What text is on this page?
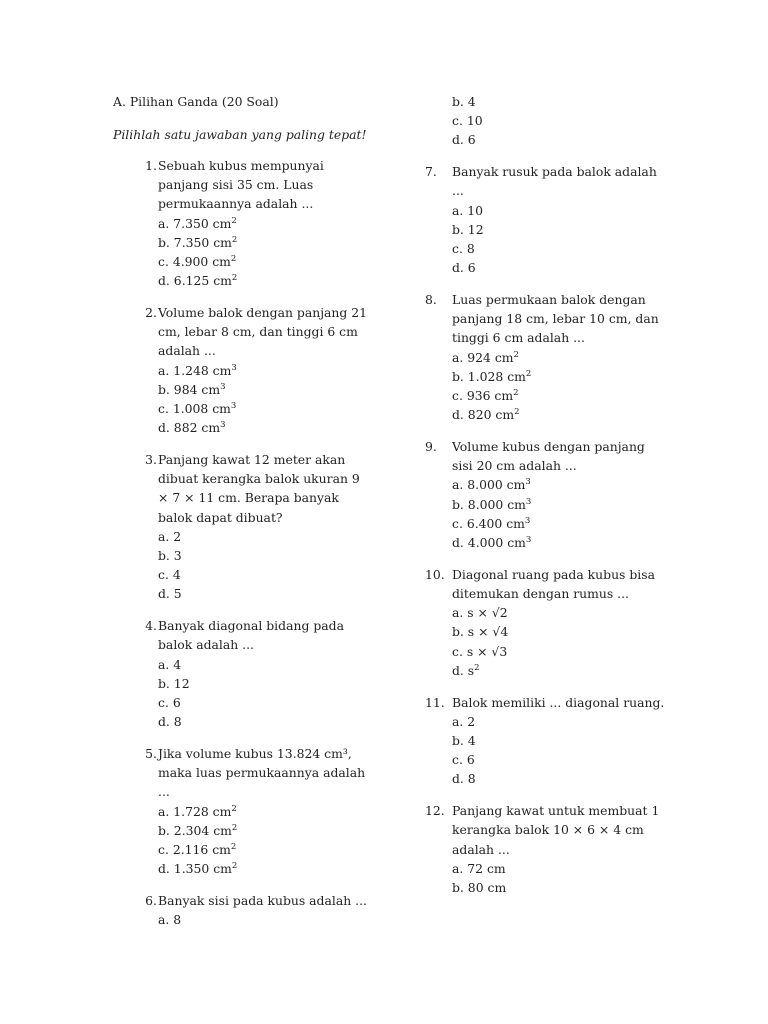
A. Pilihan Ganda (20 Soal)
Pilihlah satu jawaban yang paling tepat!
1. Sebuah kubus mempunyai panjang sisi 35 cm. Luas permukaannya adalah ...
a. 7.350 $cm^2$
b. 7.350 $cm^2$
c. 4.900 $cm^2$
d. 6.125 $cm^2$
2. Volume balok dengan panjang 21 cm, lebar 8 cm, dan tinggi 6 cm adalah ...
a. 1.248 $cm^3$
b. 984 $cm^3$
c. 1.008 $cm^3$
d. 882 $cm^3$
3. Panjang kawat 12 meter akan dibuat kerangka balok ukuran 9 × 7 × 11 cm. Berapa banyak balok dapat dibuat?
a. 2
b. 3
c. 4
d. 5
4. Banyak diagonal bidang pada balok adalah ...
a. 4
b. 12
c. 6
d. 8
5. Jika volume kubus 13.824 cm³, maka luas permukaannya adalah ...
a. 1.728 $cm^2$
b. 2.304 $cm^2$
c. 2.116 $cm^2$
d. 1.350 $cm^2$
6. Banyak sisi pada kubus adalah ...
a. 8
b. 4
c. 10
d. 6
7.	Banyak rusuk pada balok adalah ...
a. 10
b. 12
c. 8
d. 6
8.	Luas permukaan balok dengan panjang 18 cm, lebar 10 cm, dan tinggi 6 cm adalah ...
a. 924 $cm^2$
b. 1.028 $cm^2$
c. 936 $cm^2$
d. 820 $cm^2$
9.	Volume kubus dengan panjang sisi 20 cm adalah ...
a. 8.000 $cm^3$
b. 8.000 $cm^3$
c. 6.400 $cm^3$
d. 4.000 $cm^3$
10. Diagonal ruang pada kubus bisa ditemukan dengan rumus ...
a. s × √2
b. s × √4
c. s × √3
d. $s^2$
11. Balok memiliki ... diagonal ruang.
a. 2
b. 4
c. 6
d. 8
12. Panjang kawat untuk membuat 1 kerangka balok 10 × 6 × 4 cm adalah ...
a. 72 cm
b. 80 cm
